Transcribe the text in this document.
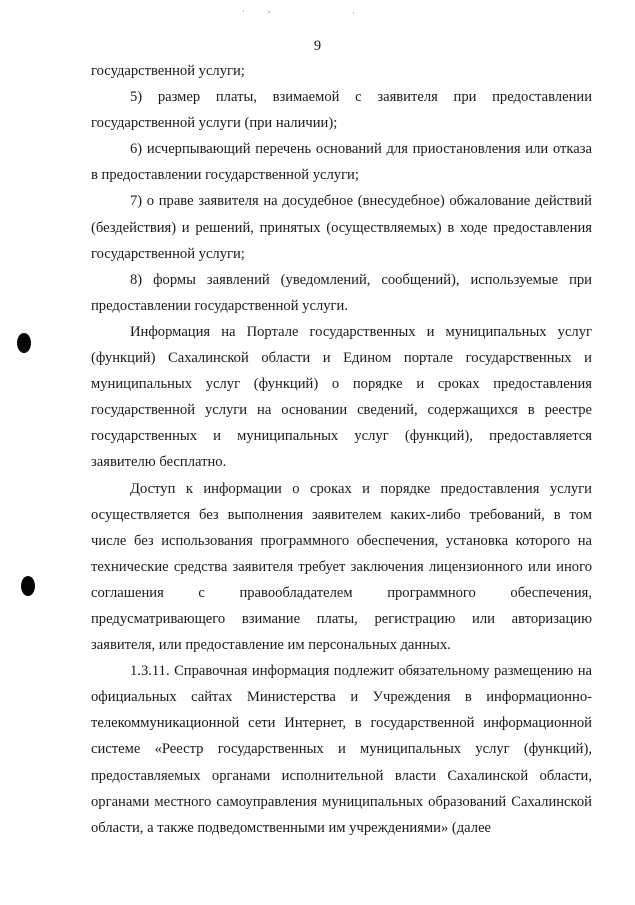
·	,	·
9

государственной услуги;

5) размер платы, взимаемой с заявителя при предоставлении государственной услуги (при наличии);

6) исчерпывающий перечень оснований для приостановления или отказа в предоставлении государственной услуги;

7) о праве заявителя на досудебное (внесудебное) обжалование действий (бездействия) и решений, принятых (осуществляемых) в ходе предоставления государственной услуги;

8) формы заявлений (уведомлений, сообщений), используемые при предоставлении государственной услуги.

Информация на Портале государственных и муниципальных услуг (функций) Сахалинской области и Едином портале государственных и муниципальных услуг (функций) о порядке и сроках предоставления государственной услуги на основании сведений, содержащихся в реестре государственных и муниципальных услуг (функций), предоставляется заявителю бесплатно.

Доступ к информации о сроках и порядке предоставления услуги осуществляется без выполнения заявителем каких-либо требований, в том числе без использования программного обеспечения, установка которого на технические средства заявителя требует заключения лицензионного или иного соглашения с правообладателем программного обеспечения, предусматривающего взимание платы, регистрацию или авторизацию заявителя, или предоставление им персональных данных.

1.3.11. Справочная информация подлежит обязательному размещению на официальных сайтах Министерства и Учреждения в информационно-телекоммуникационной сети Интернет, в государственной информационной системе «Реестр государственных и муниципальных услуг (функций), предоставляемых органами исполнительной власти Сахалинской области, органами местного самоуправления муниципальных образований Сахалинской области, а также подведомственными им учреждениями» (далее
